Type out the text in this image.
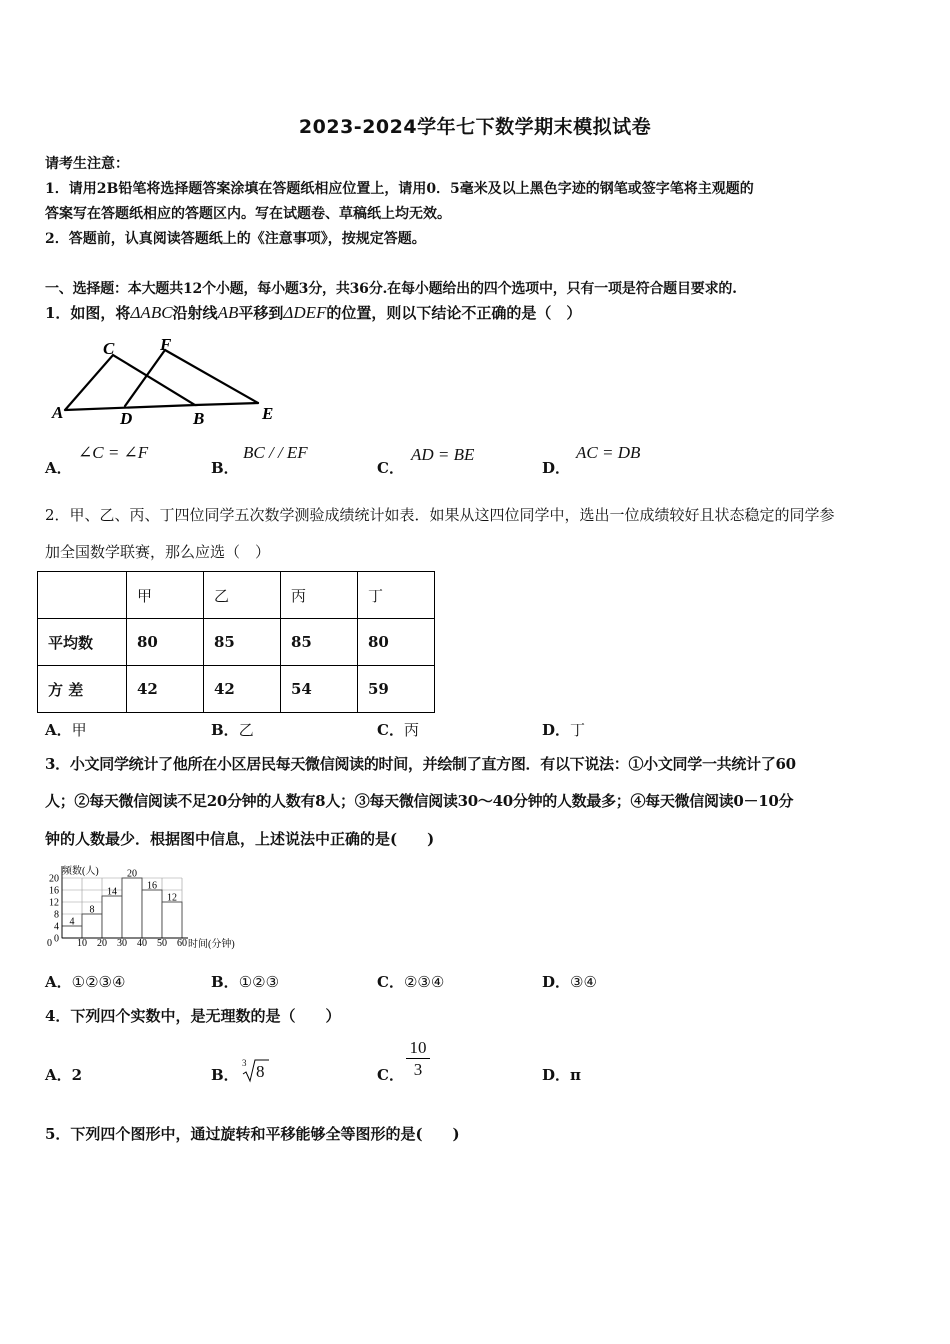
2023-2024学年七下数学期末模拟试卷
请考生注意：
1．请用2B铅笔将选择题答案涂填在答题纸相应位置上，请用0．5毫米及以上黑色字迹的钢笔或签字笔将主观题的
答案写在答题纸相应的答题区内。写在试题卷、草稿纸上均无效。
2．答题前，认真阅读答题纸上的《注意事项》，按规定答题。
一、选择题：本大题共12个小题，每小题3分，共36分.在每小题给出的四个选项中，只有一项是符合题目要求的.
1．如图，将ΔABC沿射线AB平移到ΔDEF的位置，则以下结论不正确的是（　）
C	F
A	D	B	E
A．
∠C = ∠F
B．
BC / / EF
C．
AD = BE
D．
AC = DB
2．甲、乙、丙、丁四位同学五次数学测验成绩统计如表．如果从这四位同学中，选出一位成绩较好且状态稳定的同学参
加全国数学联赛，那么应选（　）
	甲	乙	丙	丁
平均数	80	85	85	80
方 差	42	42	54	59
A．甲	B．乙	C．丙	D．丁
3．小文同学统计了他所在小区居民每天微信阅读的时间，并绘制了直方图．有以下说法：①小文同学一共统计了60
人；②每天微信阅读不足20分钟的人数有8人；③每天微信阅读30～40分钟的人数最多；④每天微信阅读0－10分
钟的人数最少．根据图中信息，上述说法中正确的是(　　)
4
8
14
20
16
12
20
16
12
8
4
0
0	10 20 30 40 50 60
频数(人)
时间(分钟)
A．①②③④	B．①②③	C．②③④	D．③④
4．下列四个实数中，是无理数的是（　　）
A．2	B．
3 8	C． $\frac{10}{3}$	D．π
5．下列四个图形中，通过旋转和平移能够全等图形的是(　　)
